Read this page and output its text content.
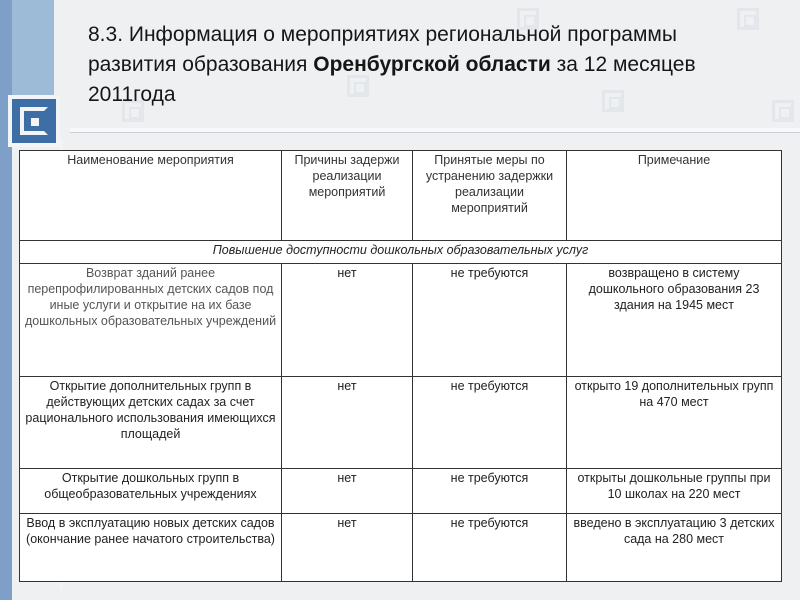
8.3. Информация о мероприятиях региональной программы
развития образования Оренбургской области за 12 месяцев
2011года
Наименование мероприятия	Причины задержи реализации мероприятий	Принятые меры по устранению задержки реализации мероприятий	Примечание
Повышение доступности дошкольных образовательных услуг			
Возврат зданий ранее перепрофилированных детских садов под иные услуги и открытие на их базе дошкольных образовательных учреждений	нет	не требуются	возвращено в систему дошкольного образования 23 здания на 1945 мест
Открытие дополнительных групп в действующих детских садах за счет рационального использования имеющихся площадей	нет	не требуются	открыто 19 дополнительных групп на 470 мест
Открытие дошкольных групп в общеобразовательных учреждениях	нет	не требуются	открыты дошкольные группы при 10 школах на 220 мест
Ввод в эксплуатацию новых детских садов (окончание ранее начатого строительства)	нет	не требуются	введено в эксплуатацию 3 детских сада на 280 мест
